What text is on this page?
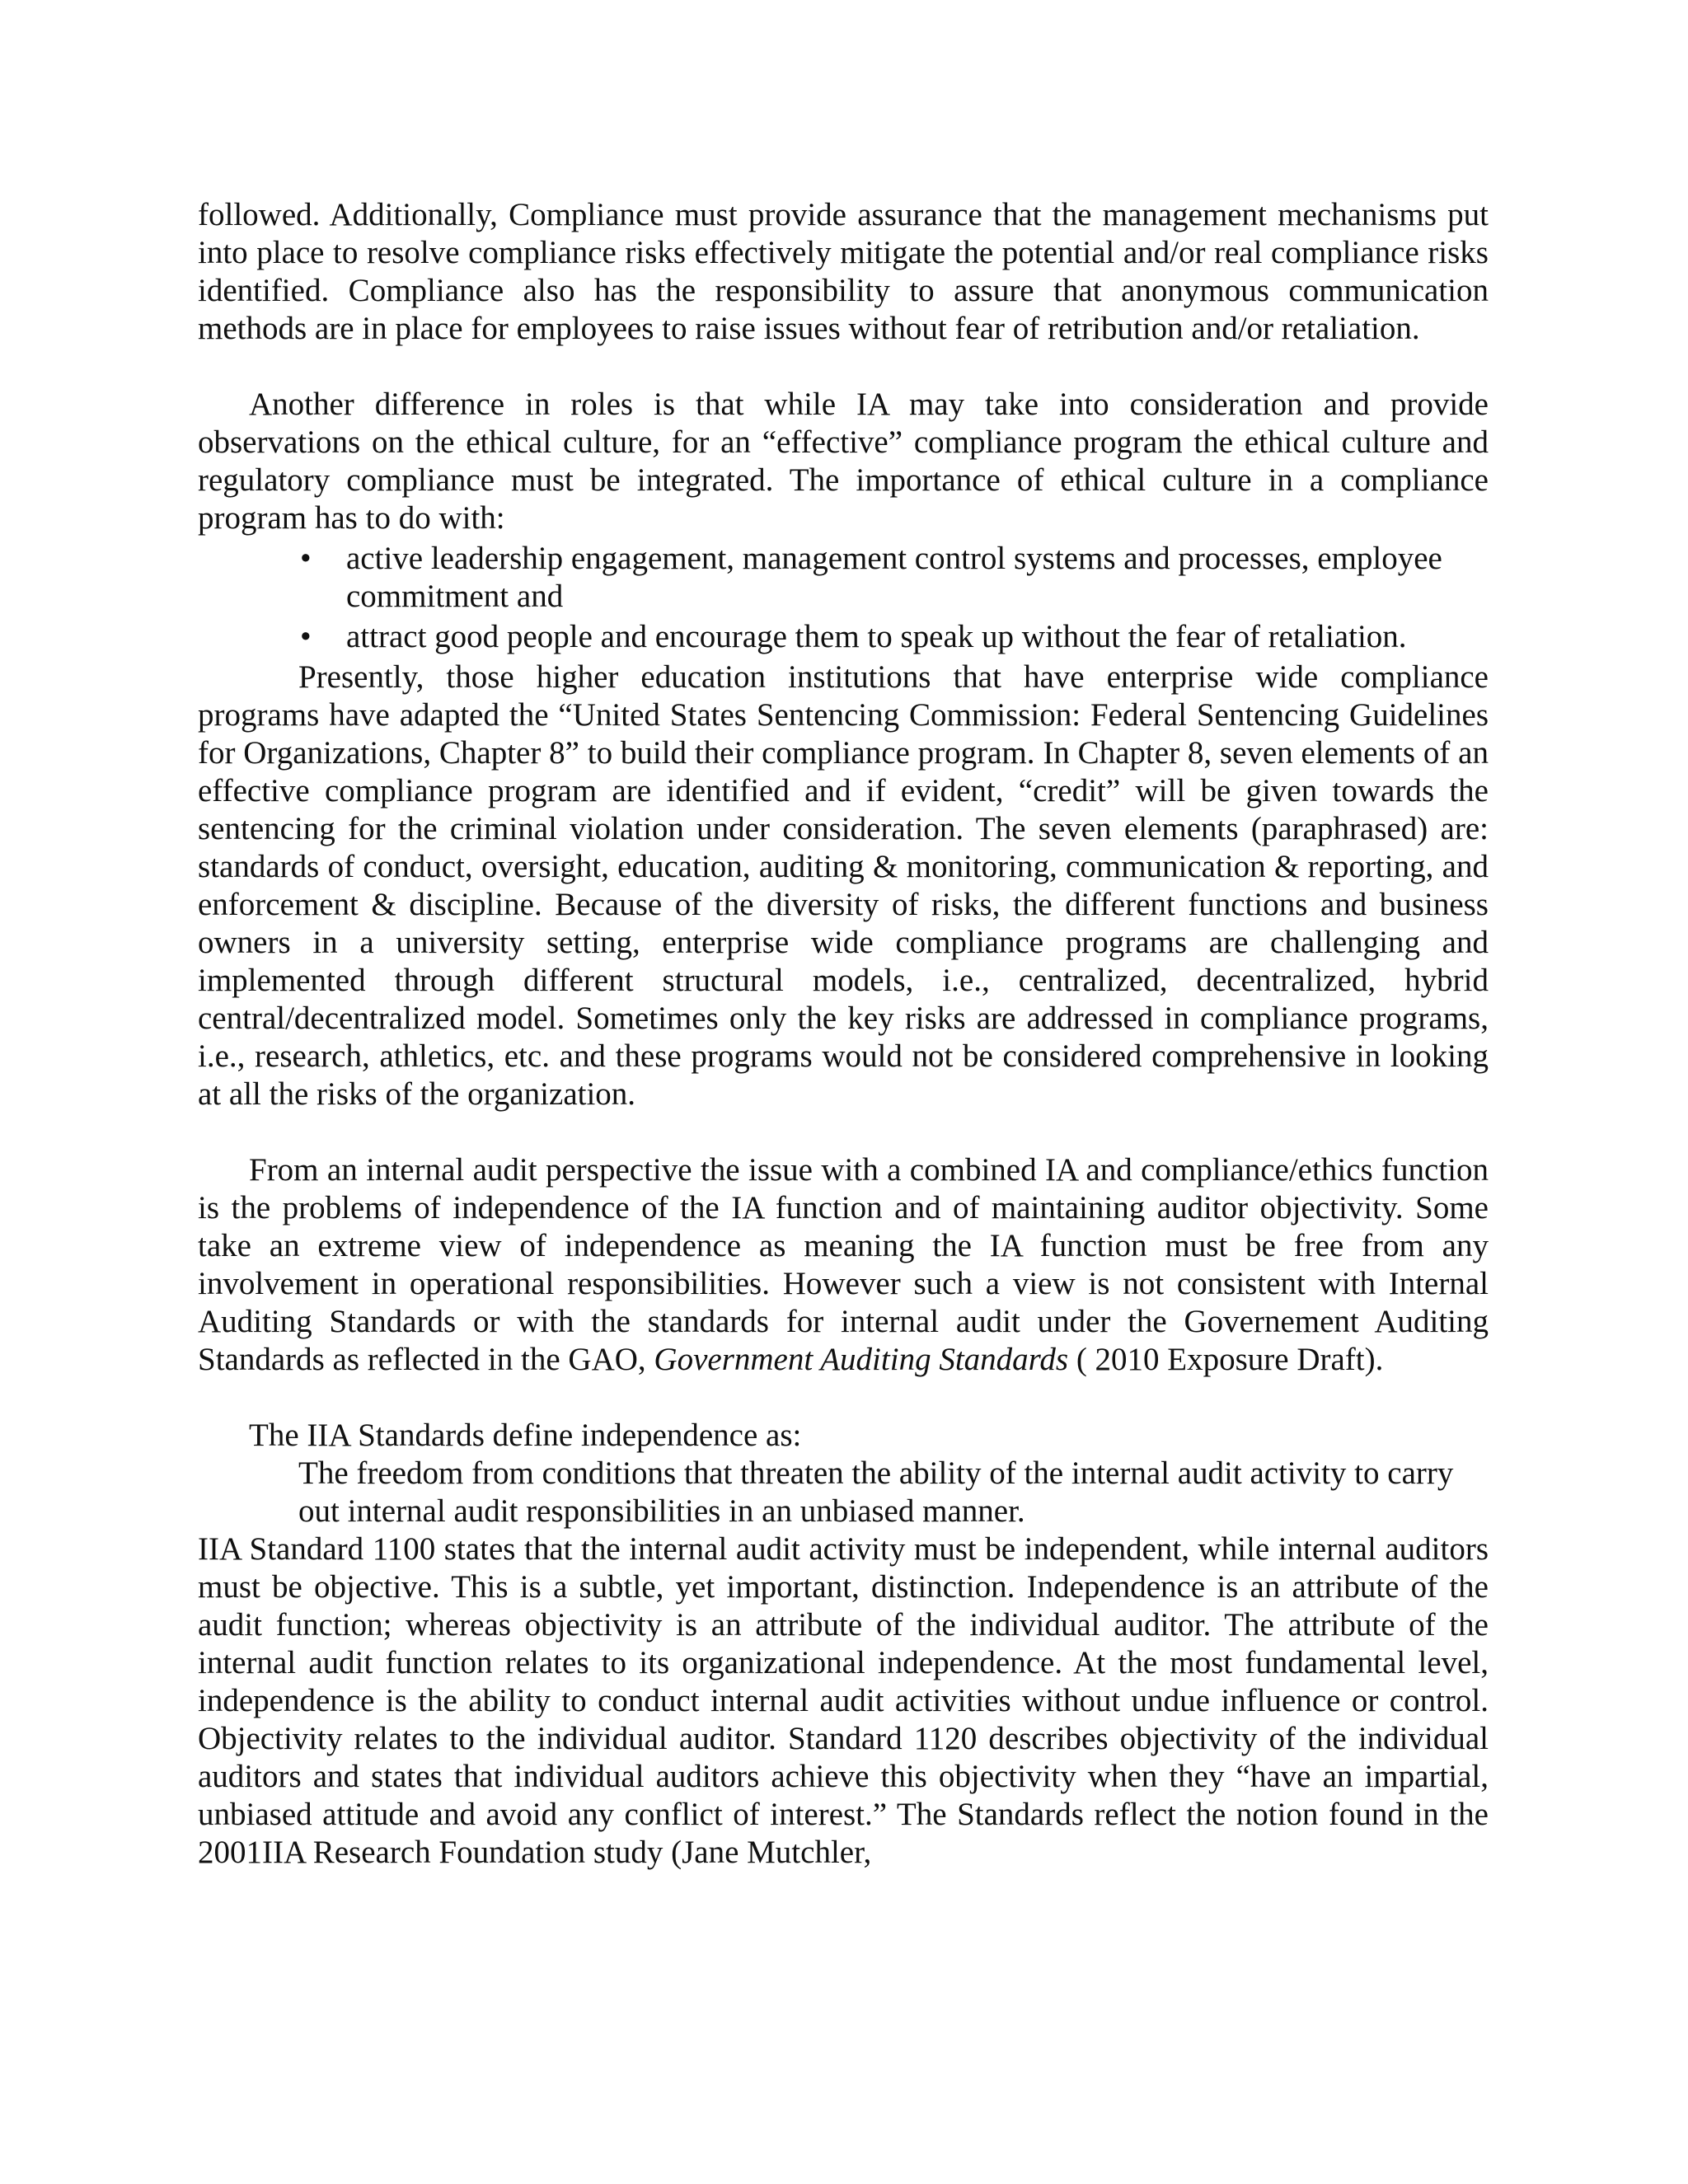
followed. Additionally, Compliance must provide assurance that the management mechanisms put into place to resolve compliance risks effectively mitigate the potential and/or real compliance risks identified. Compliance also has the responsibility to assure that anonymous communication methods are in place for employees to raise issues without fear of retribution and/or retaliation.

Another difference in roles is that while IA may take into consideration and provide observations on the ethical culture, for an “effective” compliance program the ethical culture and regulatory compliance must be integrated. The importance of ethical culture in a compliance program has to do with:

• active leadership engagement, management control systems and processes, employee commitment and
• attract good people and encourage them to speak up without the fear of retaliation.

Presently, those higher education institutions that have enterprise wide compliance programs have adapted the “United States Sentencing Commission: Federal Sentencing Guidelines for Organizations, Chapter 8” to build their compliance program. In Chapter 8, seven elements of an effective compliance program are identified and if evident, “credit” will be given towards the sentencing for the criminal violation under consideration. The seven elements (paraphrased) are: standards of conduct, oversight, education, auditing & monitoring, communication & reporting, and enforcement & discipline. Because of the diversity of risks, the different functions and business owners in a university setting, enterprise wide compliance programs are challenging and implemented through different structural models, i.e., centralized, decentralized, hybrid central/decentralized model. Sometimes only the key risks are addressed in compliance programs, i.e., research, athletics, etc. and these programs would not be considered comprehensive in looking at all the risks of the organization.

From an internal audit perspective the issue with a combined IA and compliance/ethics function is the problems of independence of the IA function and of maintaining auditor objectivity. Some take an extreme view of independence as meaning the IA function must be free from any involvement in operational responsibilities. However such a view is not consistent with Internal Auditing Standards or with the standards for internal audit under the Governement Auditing Standards as reflected in the GAO, Government Auditing Standards ( 2010 Exposure Draft).

The IIA Standards define independence as:

The freedom from conditions that threaten the ability of the internal audit activity to carry out internal audit responsibilities in an unbiased manner.

IIA Standard 1100 states that the internal audit activity must be independent, while internal auditors must be objective. This is a subtle, yet important, distinction. Independence is an attribute of the audit function; whereas objectivity is an attribute of the individual auditor. The attribute of the internal audit function relates to its organizational independence. At the most fundamental level, independence is the ability to conduct internal audit activities without undue influence or control. Objectivity relates to the individual auditor. Standard 1120 describes objectivity of the individual auditors and states that individual auditors achieve this objectivity when they “have an impartial, unbiased attitude and avoid any conflict of interest.” The Standards reflect the notion found in the 2001IIA Research Foundation study (Jane Mutchler,
